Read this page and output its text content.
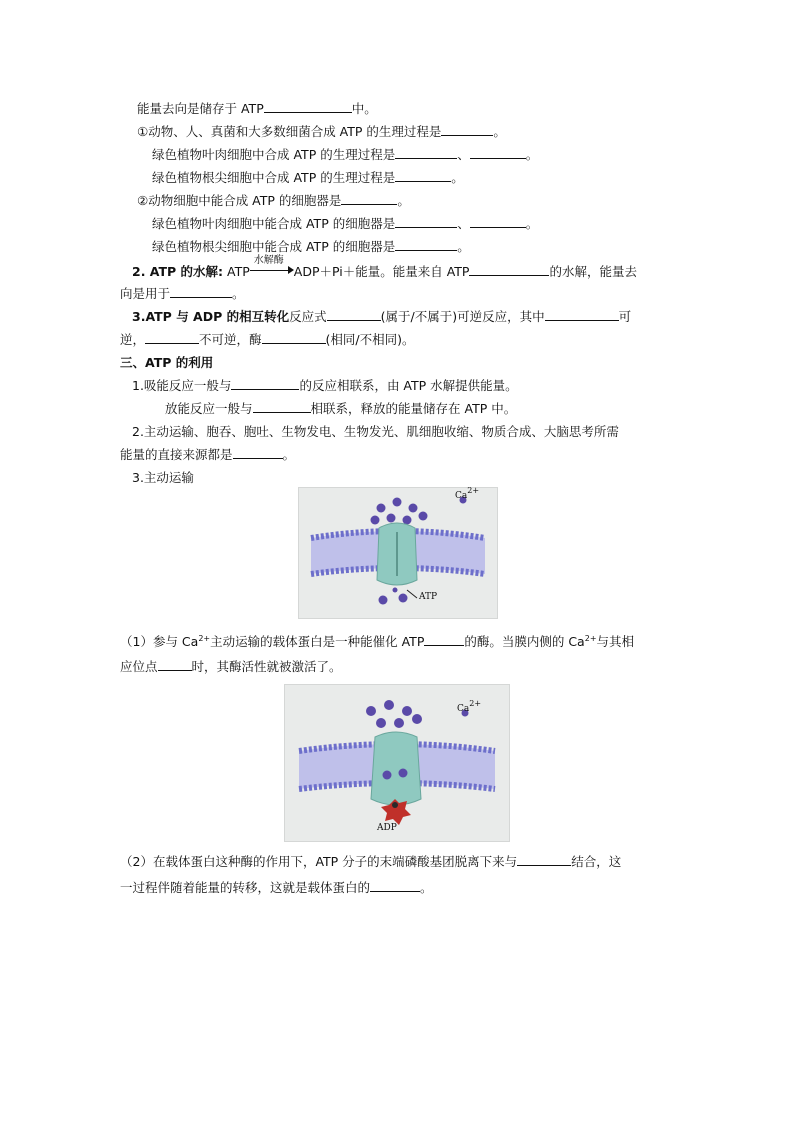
能量去向是储存于 ATP	中。
①动物、人、真菌和大多数细菌合成 ATP 的生理过程是	。
绿色植物叶肉细胞中合成 ATP 的生理过程是	、	。
绿色植物根尖细胞中合成 ATP 的生理过程是	。
②动物细胞中能合成 ATP 的细胞器是	。
绿色植物叶肉细胞中能合成 ATP 的细胞器是	、	。
绿色植物根尖细胞中能合成 ATP 的细胞器是	。
2. ATP 的水解: ATP
水解酶
ADP＋Pi＋能量。能量来自 ATP	的水解，能量去
向是用于	。
3.ATP 与 ADP 的相互转化反应式	(属于/不属于)可逆反应，其中	可
逆，	不可逆，酶	(相同/不相同)。
三、ATP 的利用
1.吸能反应一般与	的反应相联系，由 ATP 水解提供能量。
放能反应一般与	相联系，释放的能量储存在 ATP 中。
2.主动运输、胞吞、胞吐、生物发电、生物发光、肌细胞收缩、物质合成、大脑思考所需
能量的直接来源都是	。
3.主动运输
$Ca^{2+}$
ATP
（1）参与 $Ca^{2+}$主动运输的载体蛋白是一种能催化 ATP	的酶。当膜内侧的 $Ca^{2+}$与其相
应位点	时，其酶活性就被激活了。
$Ca^{2+}$
ADP
（2）在载体蛋白这种酶的作用下，ATP 分子的末端磷酸基团脱离下来与	结合，这
一过程伴随着能量的转移，这就是载体蛋白的	。
